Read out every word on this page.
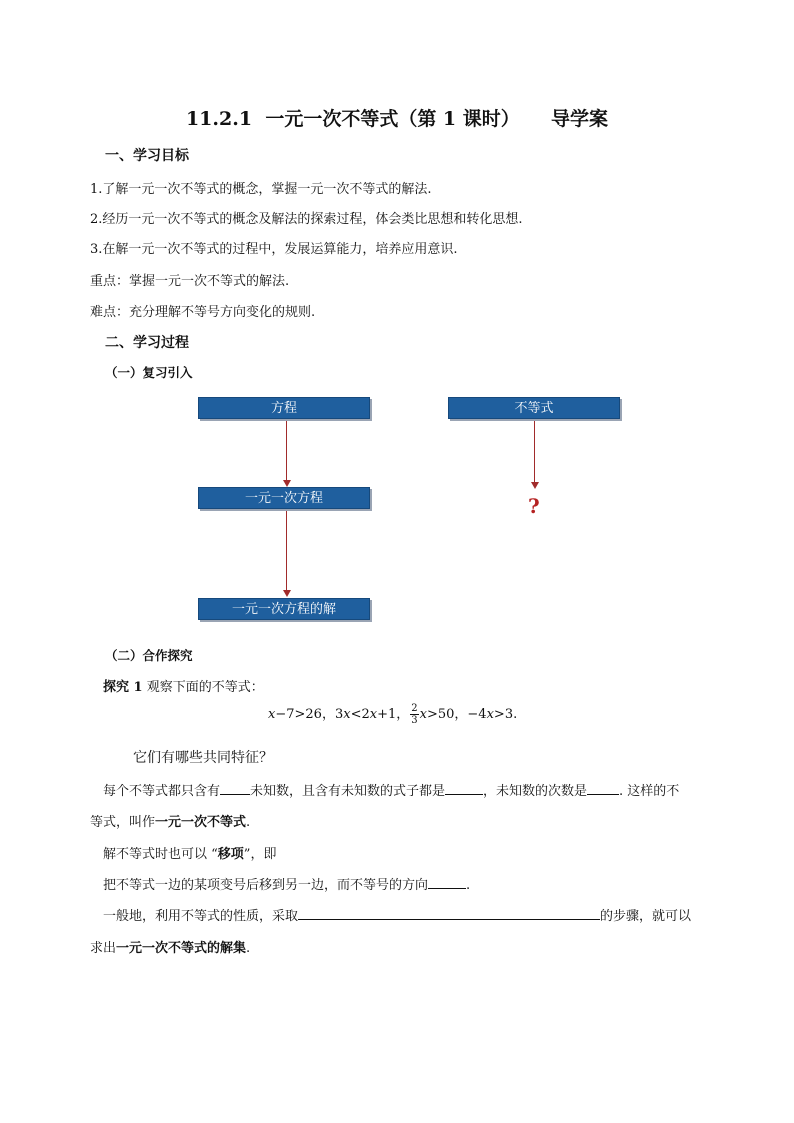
11.2.1 一元一次不等式（第 1 课时） 导学案
一、学习目标
1.了解一元一次不等式的概念，掌握一元一次不等式的解法.
2.经历一元一次不等式的概念及解法的探索过程，体会类比思想和转化思想.
3.在解一元一次不等式的过程中，发展运算能力，培养应用意识.
重点：掌握一元一次不等式的解法.
难点：充分理解不等号方向变化的规则.
二、学习过程
（一）复习引入
方程
一元一次方程
一元一次方程的解
不等式
?
（二）合作探究
探究 1 观察下面的不等式：
x−7>26，3x<2x+1， $\frac{2}{3} x>50$，−4x>3.
它们有哪些共同特征？
每个不等式都只含有 未知数，且含有未知数的式子都是	，未知数的次数是 . 这样的不
等式，叫作一元一次不等式.
解不等式时也可以 “移项”，即
把不等式一边的某项变号后移到另一边，而不等号的方向	.
一般地，利用不等式的性质，采取	的步骤，就可以
求出一元一次不等式的解集.
